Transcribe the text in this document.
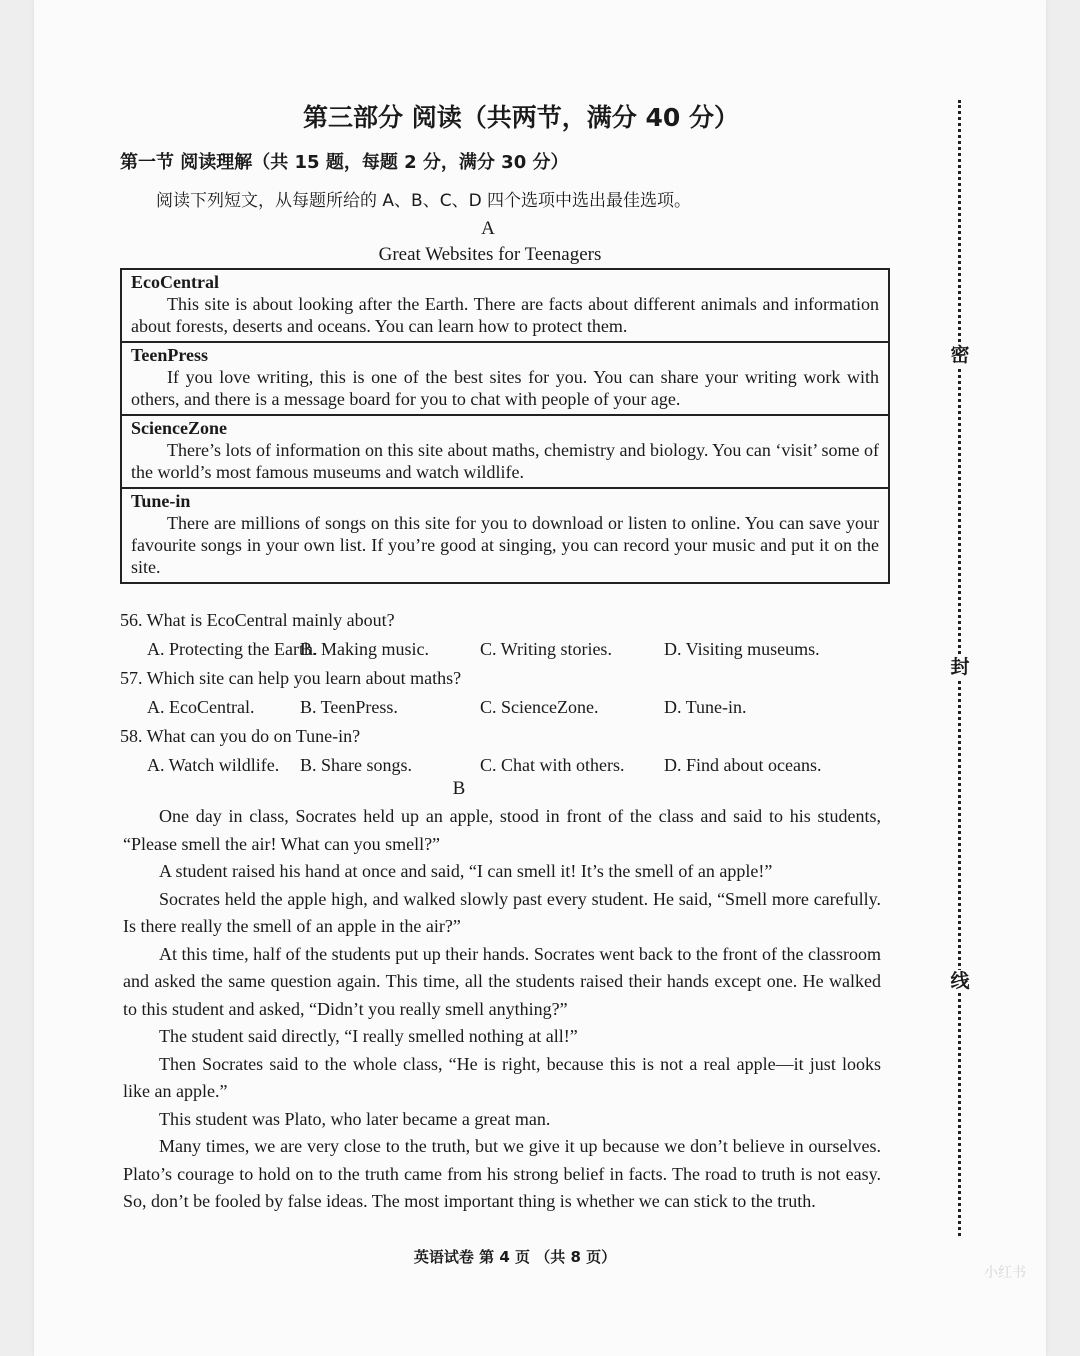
第三部分 阅读（共两节，满分 40 分）
第一节 阅读理解（共 15 题，每题 2 分，满分 30 分）
阅读下列短文，从每题所给的 A、B、C、D 四个选项中选出最佳选项。
A
Great Websites for Teenagers
EcoCentral
This site is about looking after the Earth. There are facts about different animals and information about forests, deserts and oceans. You can learn how to protect them.
TeenPress
If you love writing, this is one of the best sites for you. You can share your writing work with others, and there is a message board for you to chat with people of your age.
ScienceZone
There’s lots of information on this site about maths, chemistry and biology. You can ‘visit’ some of the world’s most famous museums and watch wildlife.
Tune-in
There are millions of songs on this site for you to download or listen to online. You can save your favourite songs in your own list. If you’re good at singing, you can record your music and put it on the site.
56. What is EcoCentral mainly about?
A. Protecting the Earth.
B. Making music.	C. Writing stories.	D. Visiting museums.
57. Which site can help you learn about maths?
A. EcoCentral.	B. TeenPress.	C. ScienceZone.	D. Tune-in.
58. What can you do on Tune-in?
A. Watch wildlife. B. Share songs.	C. Chat with others. D. Find about oceans.
B

One day in class, Socrates held up an apple, stood in front of the class and said to his students, “Please smell the air! What can you smell?”

A student raised his hand at once and said, “I can smell it! It’s the smell of an apple!”

Socrates held the apple high, and walked slowly past every student. He said, “Smell more carefully. Is there really the smell of an apple in the air?”

At this time, half of the students put up their hands. Socrates went back to the front of the classroom and asked the same question again. This time, all the students raised their hands except one. He walked to this student and asked, “Didn’t you really smell anything?”

The student said directly, “I really smelled nothing at all!”

Then Socrates said to the whole class, “He is right, because this is not a real apple—it just looks like an apple.”

This student was Plato, who later became a great man.

Many times, we are very close to the truth, but we give it up because we don’t believe in ourselves. Plato’s courage to hold on to the truth came from his strong belief in facts. The road to truth is not easy. So, don’t be fooled by false ideas. The most important thing is whether we can stick to the truth.

英语试卷 第 4 页 （共 8 页）
密
封
线
小红书
